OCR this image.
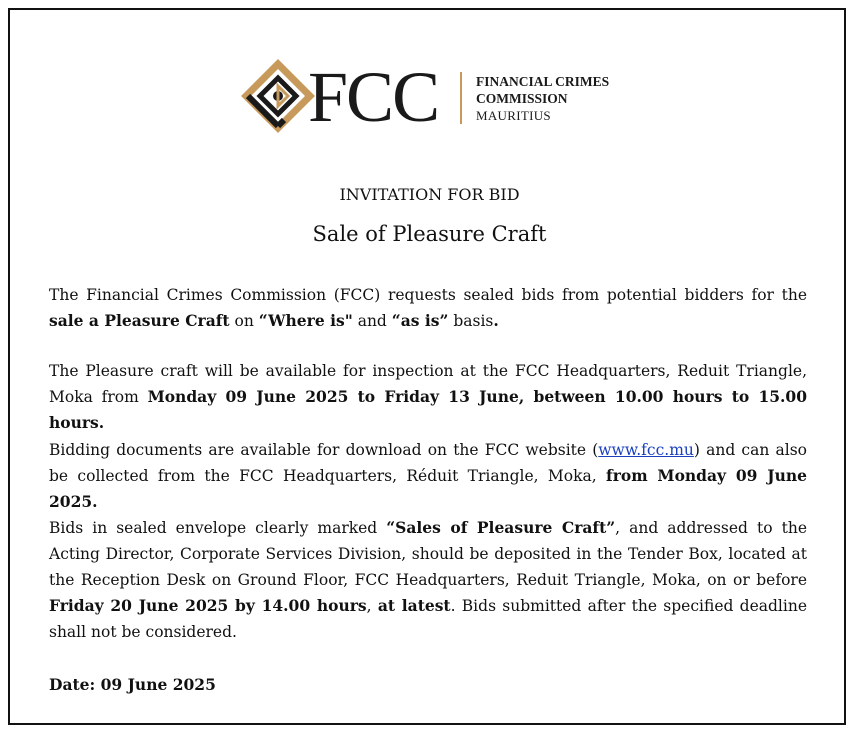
FCC	FINANCIAL CRIMES
COMMISSION
MAURITIUS
INVITATION FOR BID
Sale of Pleasure Craft
The Financial Crimes Commission (FCC) requests sealed bids from potential bidders for the sale a Pleasure Craft on “Where is" and “as is” basis.
The Pleasure craft will be available for inspection at the FCC Headquarters, Reduit Triangle, Moka from Monday 09 June 2025 to Friday 13 June, between 10.00 hours to 15.00 hours.
Bidding documents are available for download on the FCC website (www.fcc.mu) and can also be collected from the FCC Headquarters, Réduit Triangle, Moka, from Monday 09 June 2025.
Bids in sealed envelope clearly marked “Sales of Pleasure Craft”, and addressed to the Acting Director, Corporate Services Division, should be deposited in the Tender Box, located at the Reception Desk on Ground Floor, FCC Headquarters, Reduit Triangle, Moka, on or before Friday 20 June 2025 by 14.00 hours, at latest. Bids submitted after the specified deadline shall not be considered.
Date: 09 June 2025
